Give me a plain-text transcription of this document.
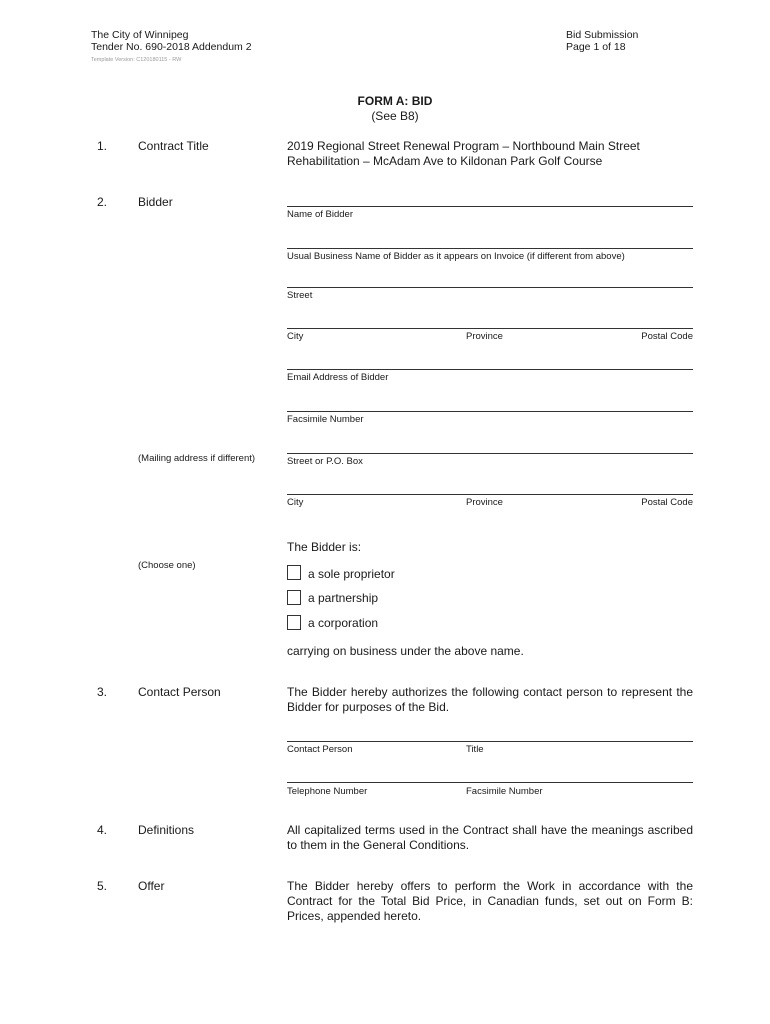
The City of Winnipeg
Tender No. 690-2018 Addendum 2
Template Version: C120180115 - RW
Bid Submission
Page 1 of 18
FORM A: BID
(See B8)
1.	Contract Title	2019 Regional Street Renewal Program – Northbound Main Street
Rehabilitation – McAdam Ave to Kildonan Park Golf Course
2.	Bidder
Name of Bidder
Usual Business Name of Bidder as it appears on Invoice (if different from above)
Street
City	Province	Postal Code
Email Address of Bidder
Facsimile Number
(Mailing address if different)	Street or P.O. Box
City	Province	Postal Code
The Bidder is:
(Choose one)
a sole proprietor
a partnership
a corporation
carrying on business under the above name.
3.	Contact Person	The Bidder hereby authorizes the following contact person to represent the Bidder for purposes of the Bid.
Contact Person	Title
Telephone Number	Facsimile Number
4.	Definitions	All capitalized terms used in the Contract shall have the meanings ascribed to them in the General Conditions.
5.	Offer	The Bidder hereby offers to perform the Work in accordance with the Contract for the Total Bid Price, in Canadian funds, set out on Form B: Prices, appended hereto.
